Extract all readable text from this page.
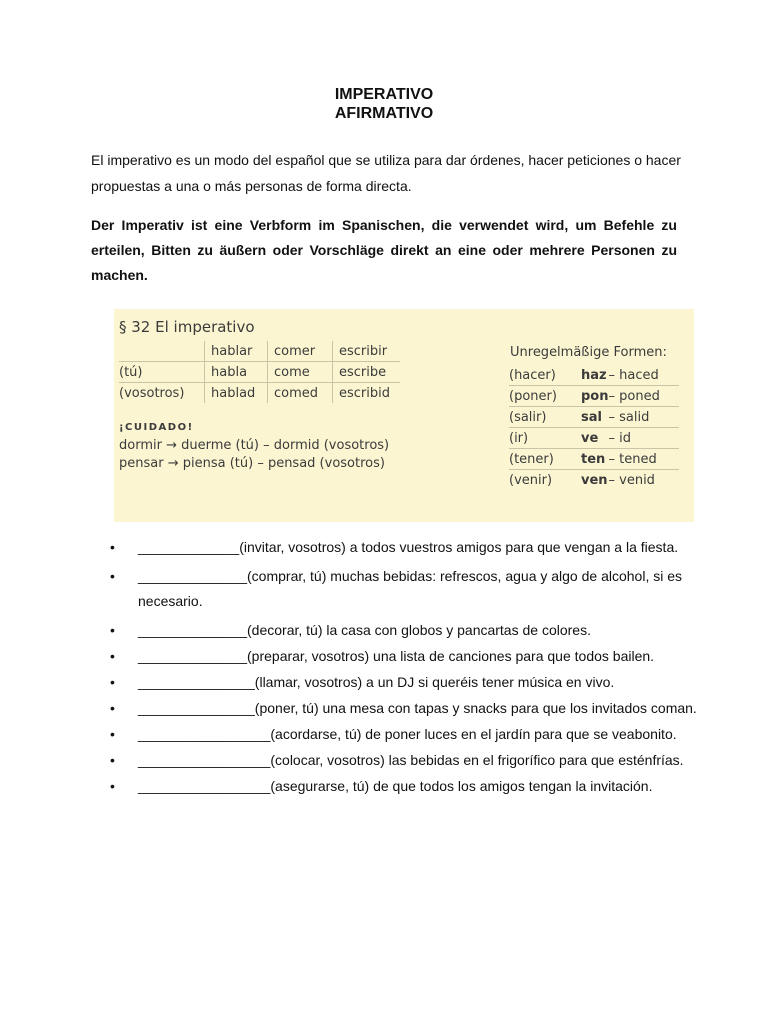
IMPERATIVO
AFIRMATIVO
El imperativo es un modo del español que se utiliza para dar órdenes, hacer peticiones o hacer propuestas a una o más personas de forma directa.
Der Imperativ ist eine Verbform im Spanischen, die verwendet wird, um Befehle zu erteilen, Bitten zu äußern oder Vorschläge direkt an eine oder mehrere Personen zu machen.
§ 32 El imperativo
	hablar	comer	escribir
(tú)	habla	come	escribe
(vosotros)	hablad	comed	escribid
¡CUIDADO!
dormir → duerme (tú) – dormid (vosotros)
pensar → piensa (tú) – pensad (vosotros)
Unregelmäßige Formen:
(hacer)	haz	– haced
(poner)	pon	– poned
(salir)	sal	– salid
(ir)	ve	– id
(tener)	ten	– tened
(venir)	ven	– venid
• _____________(invitar, vosotros) a todos vuestros amigos para que vengan a la fiesta.
• ______________(comprar, tú) muchas bebidas: refrescos, agua y algo de alcohol, si es necesario.
• ______________(decorar, tú) la casa con globos y pancartas de colores.
• ______________(preparar, vosotros) una lista de canciones para que todos bailen.
• _______________(llamar, vosotros) a un DJ si queréis tener música en vivo.
• _______________(poner, tú) una mesa con tapas y snacks para que los invitados coman.
• _________________(acordarse, tú) de poner luces en el jardín para que se veabonito.
• _________________(colocar, vosotros) las bebidas en el frigorífico para que esténfrías.
• _________________(asegurarse, tú) de que todos los amigos tengan la invitación.
